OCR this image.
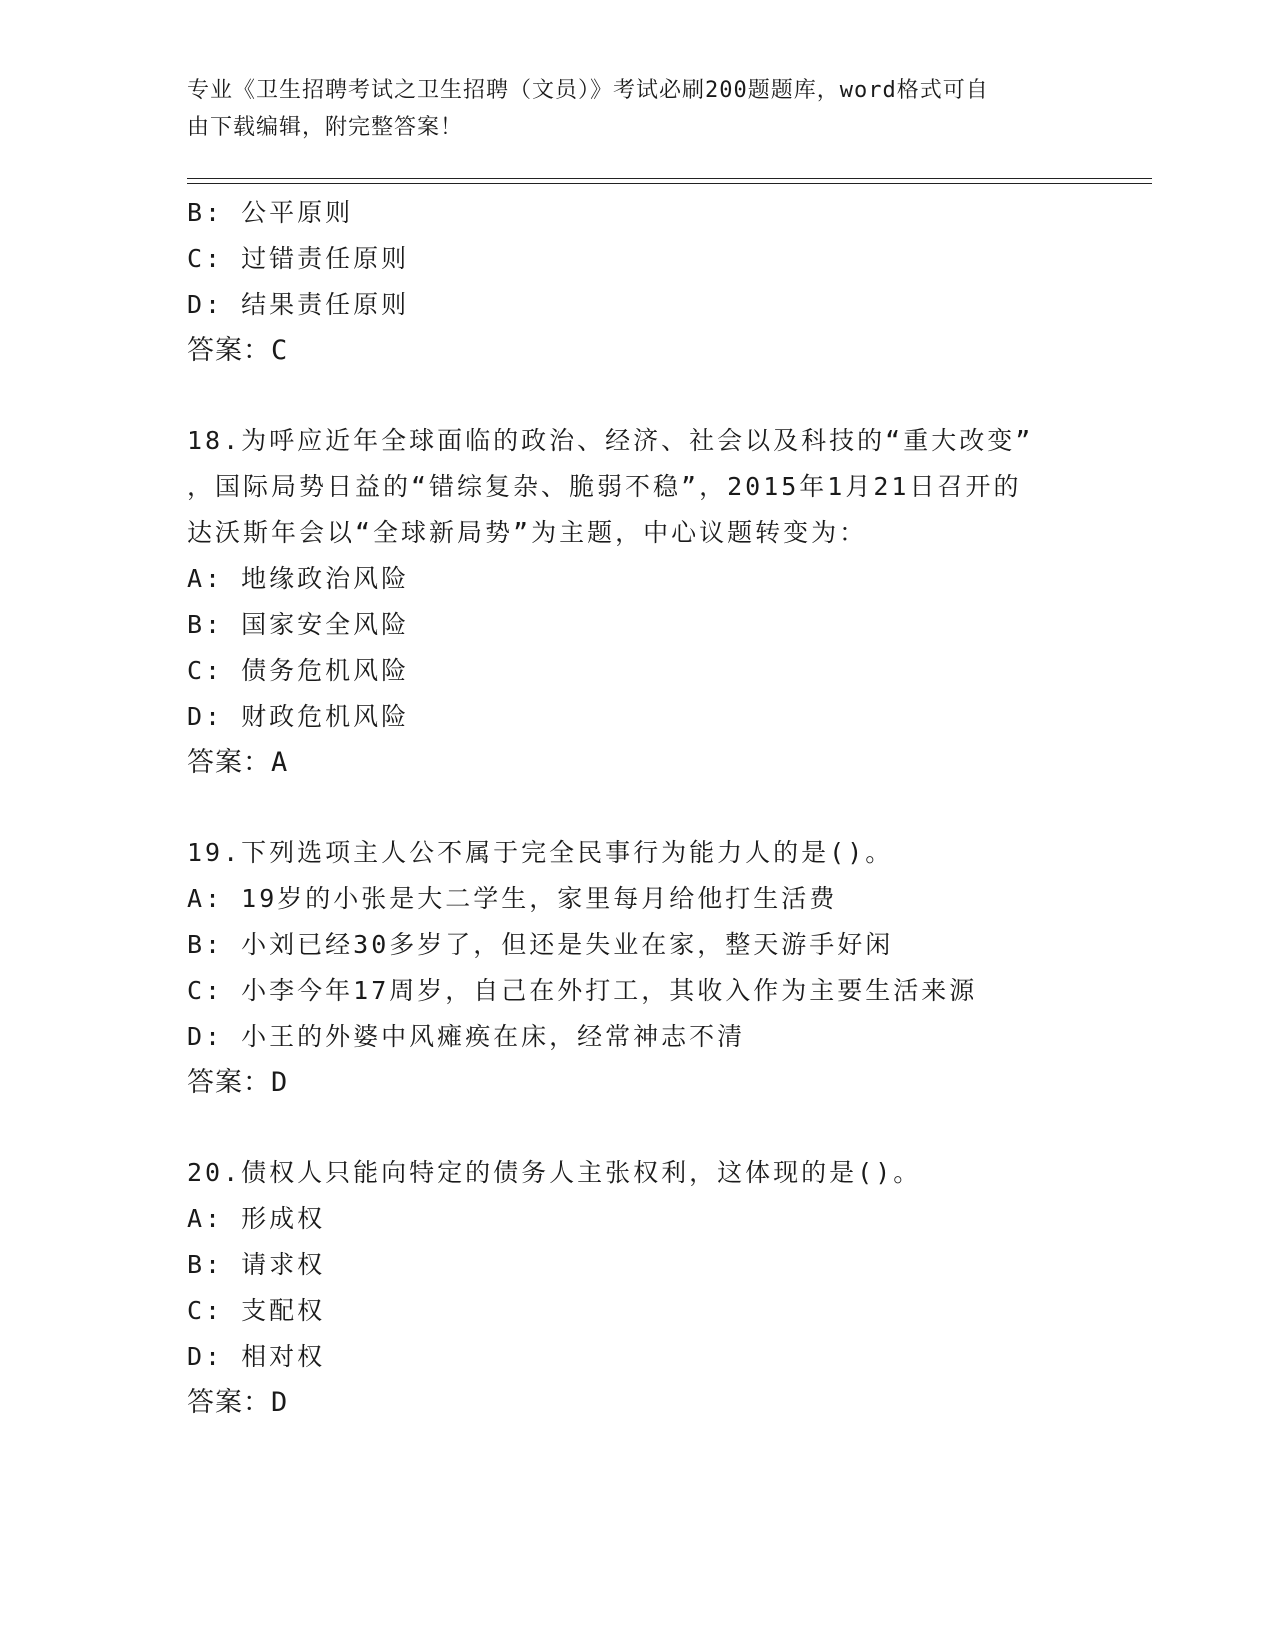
专业《卫生招聘考试之卫生招聘（文员）》考试必刷200题题库，word格式可自
由下载编辑，附完整答案！
B: 公平原则
C: 过错责任原则
D: 结果责任原则
答案：C
18.为呼应近年全球面临的政治、经济、社会以及科技的“重大改变”
，国际局势日益的“错综复杂、脆弱不稳”，2015年1月21日召开的
达沃斯年会以“全球新局势”为主题，中心议题转变为：
A: 地缘政治风险
B: 国家安全风险
C: 债务危机风险
D: 财政危机风险
答案：A
19.下列选项主人公不属于完全民事行为能力人的是()。
A: 19岁的小张是大二学生，家里每月给他打生活费
B: 小刘已经30多岁了，但还是失业在家，整天游手好闲
C: 小李今年17周岁，自己在外打工，其收入作为主要生活来源
D: 小王的外婆中风瘫痪在床，经常神志不清
答案：D
20.债权人只能向特定的债务人主张权利，这体现的是()。
A: 形成权
B: 请求权
C: 支配权
D: 相对权
答案：D
